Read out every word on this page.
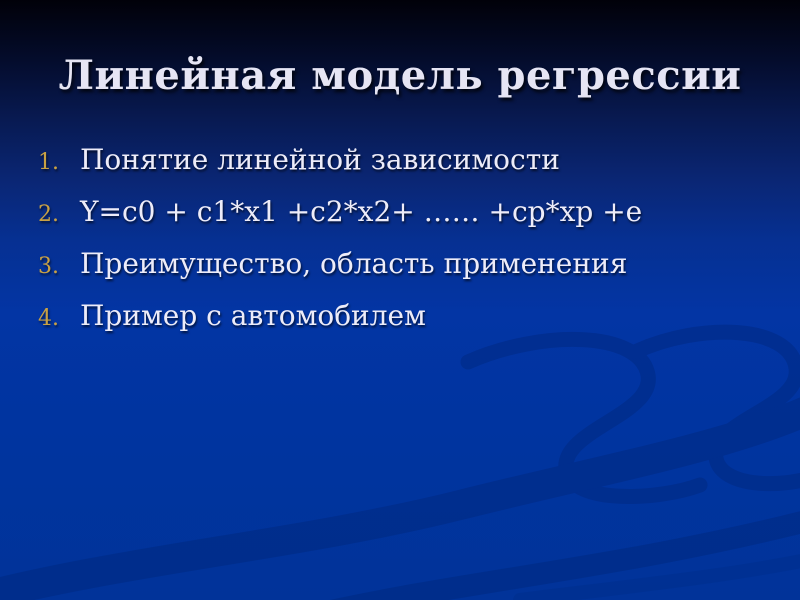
Линейная модель регрессии
1. Понятие линейной зависимости
2. Y=c0 + c1*x1 +c2*x2+ …… +cp*xp +e
3. Преимущество, область применения
4. Пример с автомобилем
